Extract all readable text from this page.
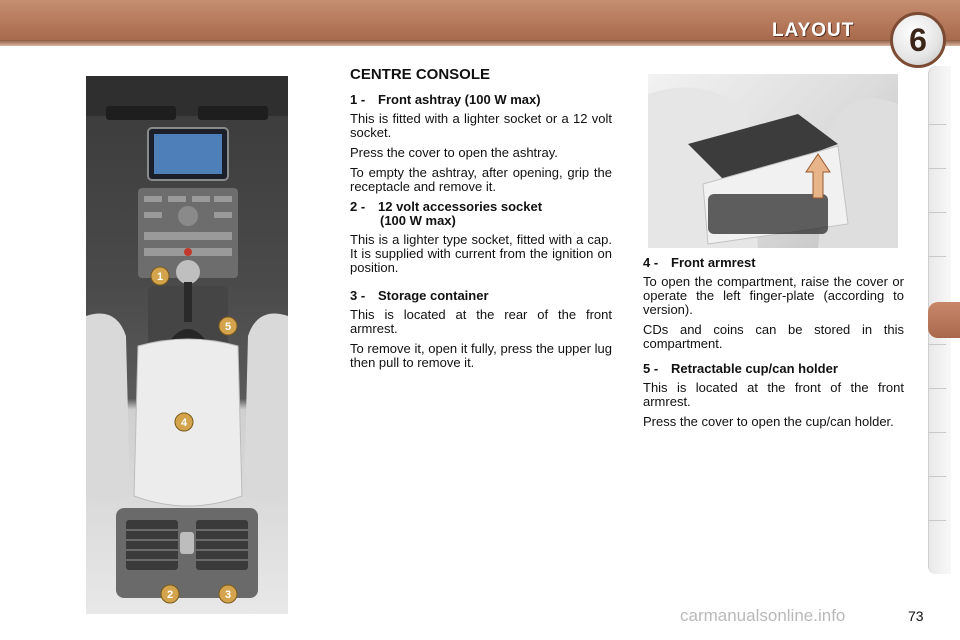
LAYOUT	6
1
5
4
2	3
CENTRE CONSOLE
1 - Front ashtray (100 W max)

This is fitted with a lighter socket or a 12 volt socket.

Press the cover to open the ashtray.

To empty the ashtray, after opening, grip the receptacle and remove it.

2 - 12 volt accessories socket
(100 W max)

This is a lighter type socket, fitted with a cap. It is supplied with current from the ignition on position.

3 - Storage container

This is located at the rear of the front armrest.

To remove it, open it fully, press the upper lug then pull to remove it.

4 - Front armrest

To open the compartment, raise the cover or operate the left finger-plate (according to version).

CDs and coins can be stored in this compartment.

5 - Retractable cup/can holder

This is located at the front of the front armrest.

Press the cover to open the cup/can holder.

carmanualsonline.info	73
